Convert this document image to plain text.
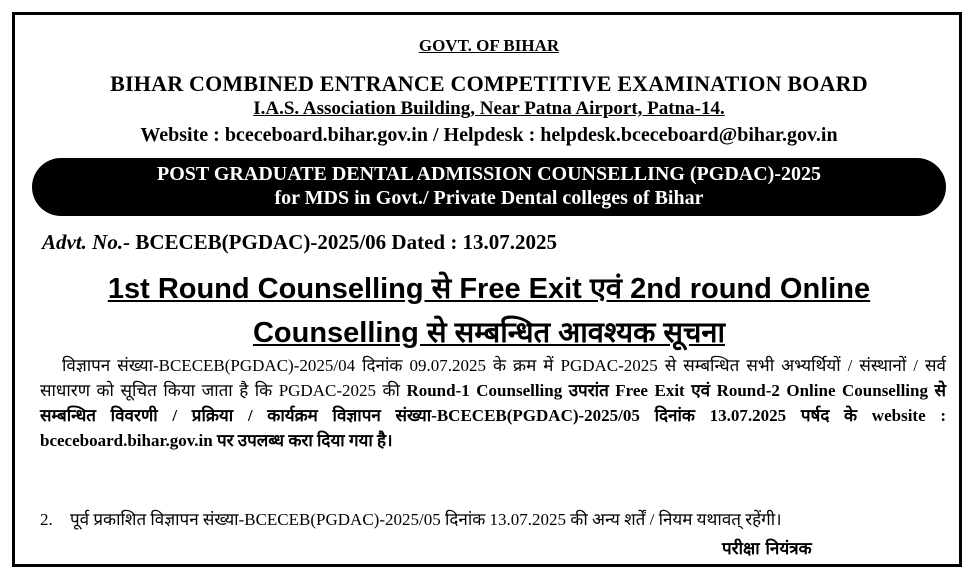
GOVT. OF BIHAR
BIHAR COMBINED ENTRANCE COMPETITIVE EXAMINATION BOARD
I.A.S. Association Building, Near Patna Airport, Patna-14.
Website : bceceboard.bihar.gov.in / Helpdesk : helpdesk.bceceboard@bihar.gov.in
POST GRADUATE DENTAL ADMISSION COUNSELLING (PGDAC)-2025
for MDS in Govt./ Private Dental colleges of Bihar
Advt. No.- BCECEB(PGDAC)-2025/06 Dated : 13.07.2025
1st Round Counselling से Free Exit एवं 2nd round Online
Counselling से सम्बन्धित आवश्यक सूचना
विज्ञापन संख्या-BCECEB(PGDAC)-2025/04 दिनांक 09.07.2025 के क्रम में PGDAC-2025 से सम्बन्धित सभी अभ्यर्थियों / संस्थानों / सर्व साधारण को सूचित किया जाता है कि PGDAC-2025 की Round-1 Counselling उपरांत Free Exit एवं Round-2 Online Counselling से सम्बन्धित विवरणी / प्रक्रिया / कार्यक्रम विज्ञापन संख्या-BCECEB(PGDAC)-2025/05 दिनांक 13.07.2025 पर्षद के website : bceceboard.bihar.gov.in पर उपलब्ध करा दिया गया है।
2. पूर्व प्रकाशित विज्ञापन संख्या-BCECEB(PGDAC)-2025/05 दिनांक 13.07.2025 की अन्य शर्तें / नियम यथावत् रहेंगी।
परीक्षा नियंत्रक
